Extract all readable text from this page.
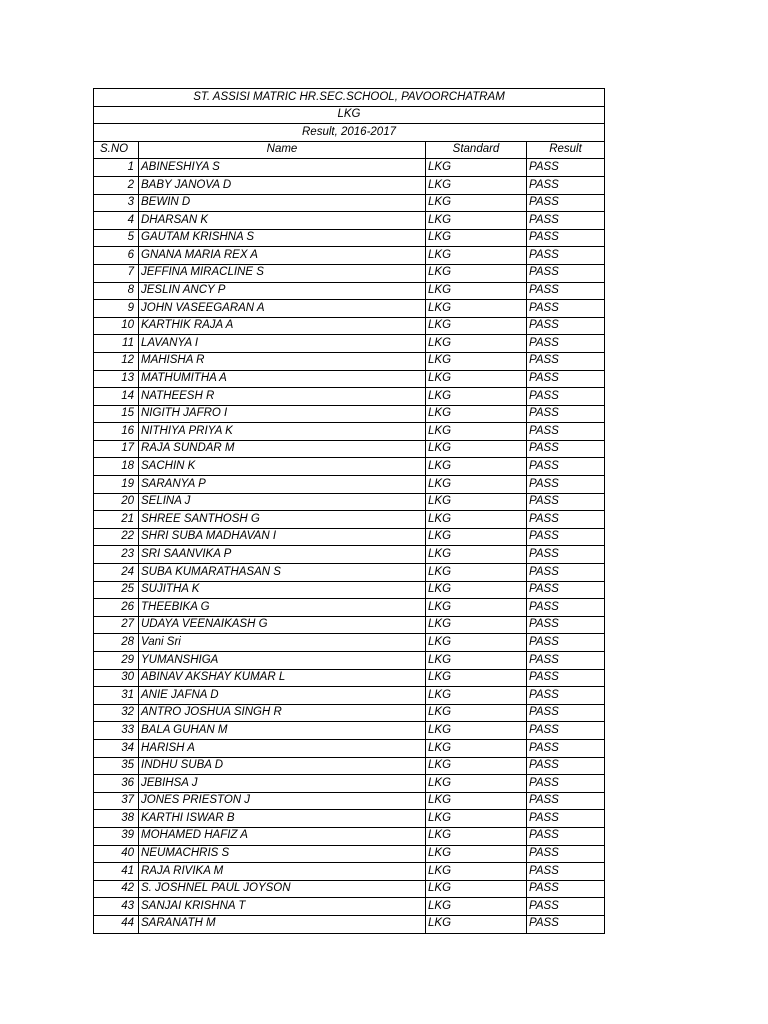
ST. ASSISI MATRIC HR.SEC.SCHOOL, PAVOORCHATRAM			
LKG			
Result, 2016-2017			
S.NO	Name	Standard	Result
1	ABINESHIYA S	LKG	PASS
2	BABY JANOVA D	LKG	PASS
3	BEWIN D	LKG	PASS
4	DHARSAN K	LKG	PASS
5	GAUTAM KRISHNA S	LKG	PASS
6	GNANA MARIA REX A	LKG	PASS
7	JEFFINA MIRACLINE S	LKG	PASS
8	JESLIN ANCY P	LKG	PASS
9	JOHN VASEEGARAN A	LKG	PASS
10	KARTHIK RAJA A	LKG	PASS
11	LAVANYA I	LKG	PASS
12	MAHISHA R	LKG	PASS
13	MATHUMITHA A	LKG	PASS
14	NATHEESH R	LKG	PASS
15	NIGITH JAFRO I	LKG	PASS
16	NITHIYA PRIYA K	LKG	PASS
17	RAJA SUNDAR M	LKG	PASS
18	SACHIN K	LKG	PASS
19	SARANYA P	LKG	PASS
20	SELINA J	LKG	PASS
21	SHREE SANTHOSH G	LKG	PASS
22	SHRI SUBA MADHAVAN I	LKG	PASS
23	SRI SAANVIKA P	LKG	PASS
24	SUBA KUMARATHASAN S	LKG	PASS
25	SUJITHA K	LKG	PASS
26	THEEBIKA G	LKG	PASS
27	UDAYA VEENAIKASH G	LKG	PASS
28	Vani Sri	LKG	PASS
29	YUMANSHIGA	LKG	PASS
30	ABINAV AKSHAY KUMAR L	LKG	PASS
31	ANIE JAFNA D	LKG	PASS
32	ANTRO JOSHUA SINGH R	LKG	PASS
33	BALA GUHAN M	LKG	PASS
34	HARISH A	LKG	PASS
35	INDHU SUBA D	LKG	PASS
36	JEBIHSA J	LKG	PASS
37	JONES PRIESTON J	LKG	PASS
38	KARTHI ISWAR B	LKG	PASS
39	MOHAMED HAFIZ A	LKG	PASS
40	NEUMACHRIS S	LKG	PASS
41	RAJA RIVIKA M	LKG	PASS
42	S. JOSHNEL PAUL JOYSON	LKG	PASS
43	SANJAI KRISHNA T	LKG	PASS
44	SARANATH M	LKG	PASS
